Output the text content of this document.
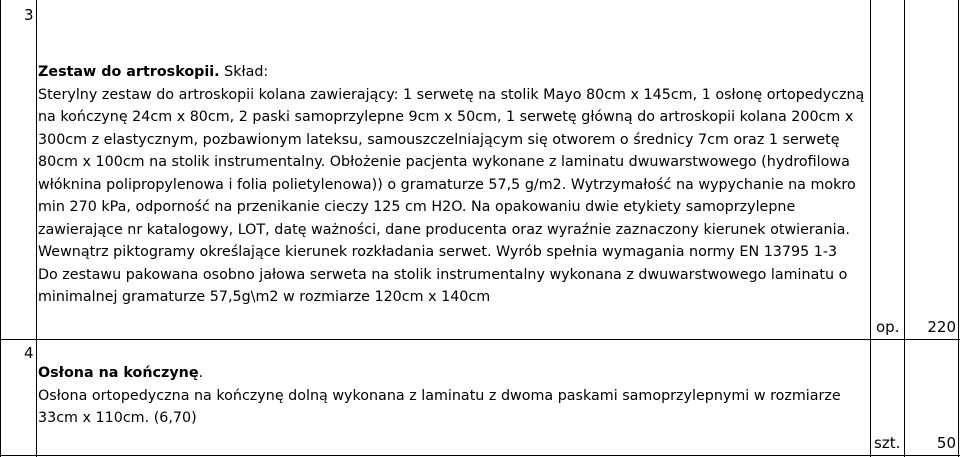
3
Zestaw do artroskopii. Skład:
Sterylny zestaw do artroskopii kolana zawierający: 1 serwetę na stolik Mayo 80cm x 145cm, 1 osłonę ortopedyczną
na kończynę 24cm x 80cm, 2 paski samoprzylepne 9cm x 50cm, 1 serwetę główną do artroskopii kolana 200cm x
300cm z elastycznym, pozbawionym lateksu, samouszczelniającym się otworem o średnicy 7cm oraz 1 serwetę
80cm x 100cm na stolik instrumentalny. Obłożenie pacjenta wykonane z laminatu dwuwarstwowego (hydrofilowa
włóknina polipropylenowa i folia polietylenowa)) o gramaturze 57,5 g/m2. Wytrzymałość na wypychanie na mokro
min 270 kPa, odporność na przenikanie cieczy 125 cm H2O. Na opakowaniu dwie etykiety samoprzylepne
zawierające nr katalogowy, LOT, datę ważności, dane producenta oraz wyraźnie zaznaczony kierunek otwierania.
Wewnątrz piktogramy określające kierunek rozkładania serwet. Wyrób spełnia wymagania normy EN 13795 1-3
Do zestawu pakowana osobno jałowa serweta na stolik instrumentalny wykonana z dwuwarstwowego laminatu o
minimalnej gramaturze 57,5g\m2 w rozmiarze 120cm x 140cm
op.	220
4
Osłona na kończynę.
Osłona ortopedyczna na kończynę dolną wykonana z laminatu z dwoma paskami samoprzylepnymi w rozmiarze
33cm x 110cm. (6,70)
szt.	50
